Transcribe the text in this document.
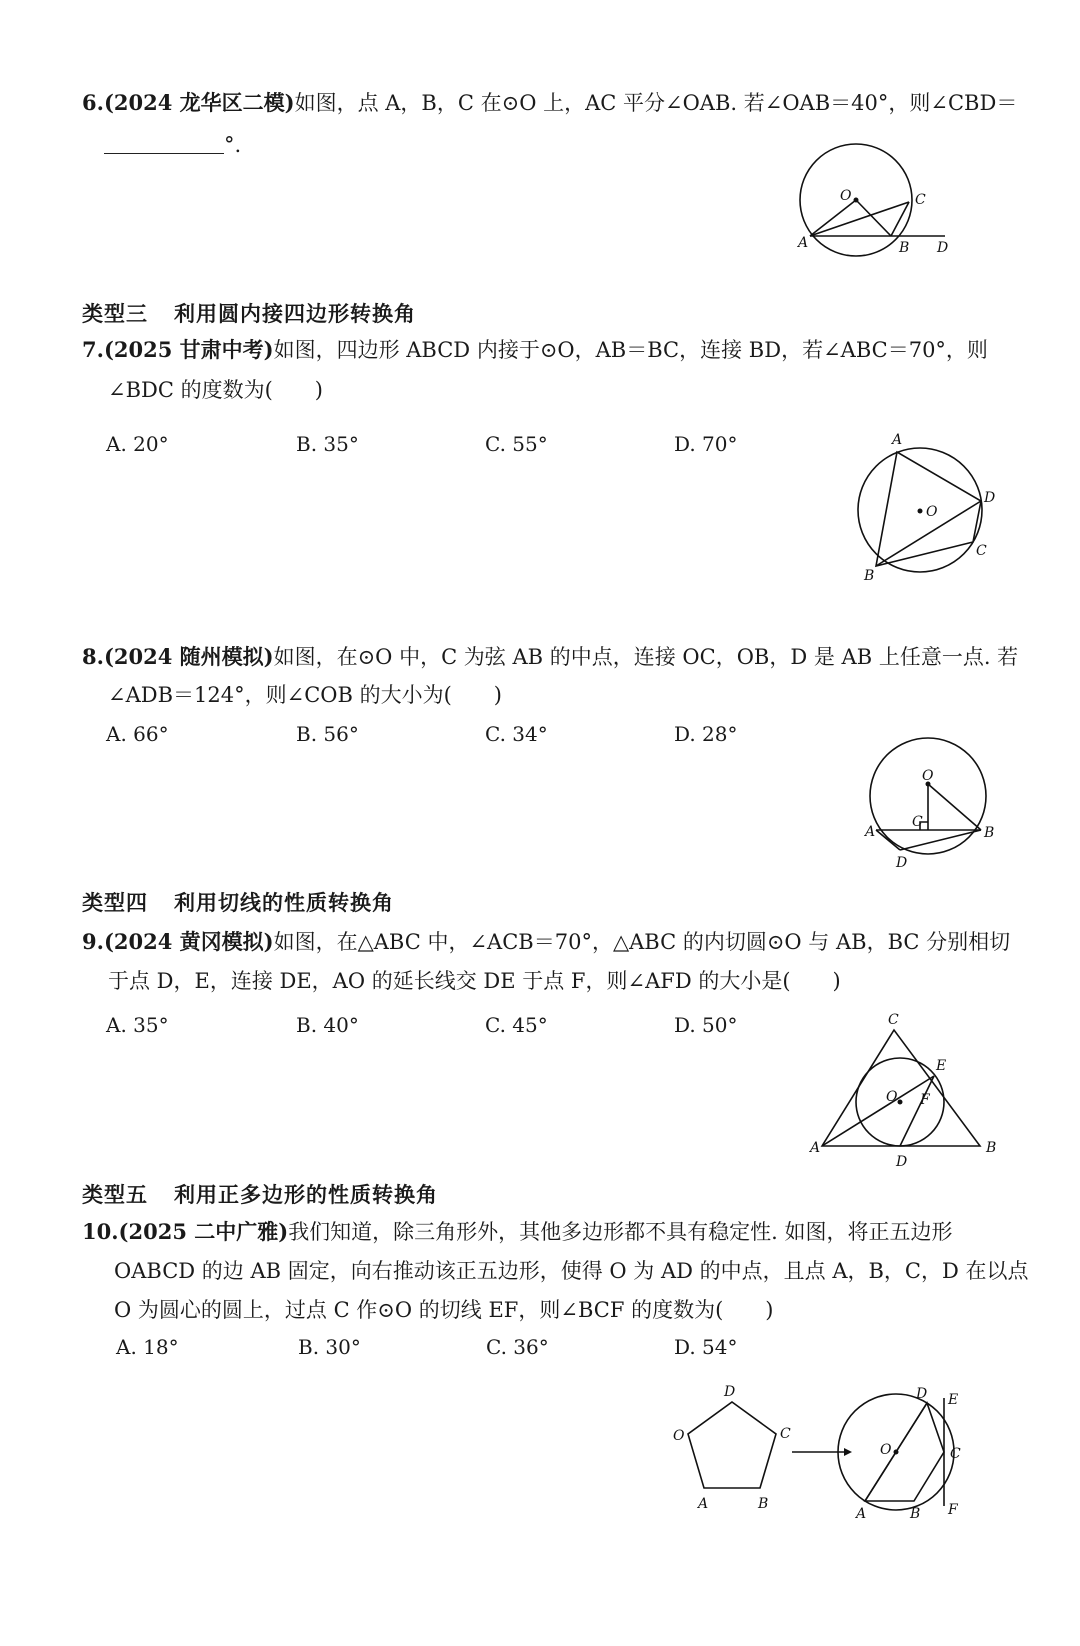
6.(2024 龙华区二模)如图，点 A，B，C 在⊙O 上，AC 平分∠OAB. 若∠OAB＝40°，则∠CBD＝
°.
O
A	B
C
D
类型三 利用圆内接四边形转换角
7.(2025 甘肃中考)如图，四边形 ABCD 内接于⊙O，AB＝BC，连接 BD，若∠ABC＝70°，则
∠BDC 的度数为(　　)
A. 20°	B. 35°	C. 55°	D. 70°
O
A
B
C
D
8.(2024 随州模拟)如图，在⊙O 中，C 为弦 AB 的中点，连接 OC，OB，D 是 AB 上任意一点. 若
∠ADB＝124°，则∠COB 的大小为(　　)
A. 66°	B. 56°	C. 34°	D. 28°
O
A	B
C
D
类型四 利用切线的性质转换角
9.(2024 黄冈模拟)如图，在△ABC 中，∠ACB＝70°，△ABC 的内切圆⊙O 与 AB，BC 分别相切
于点 D，E，连接 DE，AO 的延长线交 DE 于点 F，则∠AFD 的大小是(　　)
A. 35°	B. 40°	C. 45°	D. 50°
O
A	B
C
D
E
F
类型五 利用正多边形的性质转换角
10.(2025 二中广雅)我们知道，除三角形外，其他多边形都不具有稳定性. 如图，将正五边形
OABCD 的边 AB 固定，向右推动该正五边形，使得 O 为 AD 的中点，且点 A，B，C，D 在以点
O 为圆心的圆上，过点 C 作⊙O 的切线 EF，则∠BCF 的度数为(　　)
A. 18°	B. 30°	C. 36°	D. 54°
D
O	C
A	B
O
A	B
C
D E
F
